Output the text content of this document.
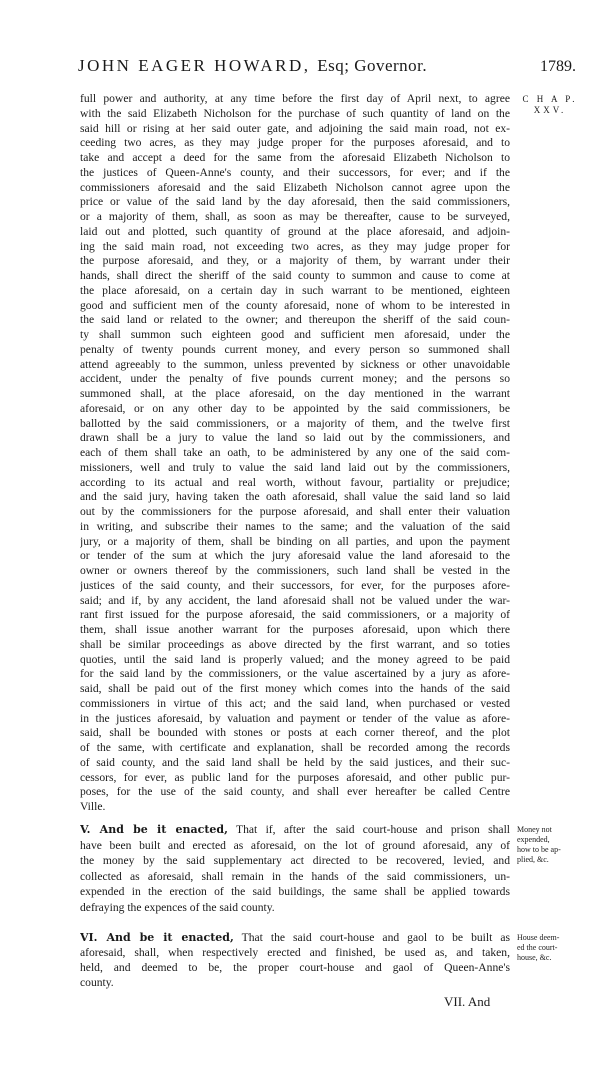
JOHN EAGER HOWARD, Esq; Governor.	1789.
C H A P.
XXV.
full power and authority, at any time before the first day of April next, to agree
with the said Elizabeth Nicholson for the purchase of such quantity of land on the
said hill or rising at her said outer gate, and adjoining the said main road, not ex-
ceeding two acres, as they may judge proper for the purposes aforesaid, and to
take and accept a deed for the same from the aforesaid Elizabeth Nicholson to
the justices of Queen-Anne's county, and their successors, for ever; and if the
commissioners aforesaid and the said Elizabeth Nicholson cannot agree upon the
price or value of the said land by the day aforesaid, then the said commissioners,
or a majority of them, shall, as soon as may be thereafter, cause to be surveyed,
laid out and plotted, such quantity of ground at the place aforesaid, and adjoin-
ing the said main road, not exceeding two acres, as they may judge proper for
the purpose aforesaid, and they, or a majority of them, by warrant under their
hands, shall direct the sheriff of the said county to summon and cause to come at
the place aforesaid, on a certain day in such warrant to be mentioned, eighteen
good and sufficient men of the county aforesaid, none of whom to be interested in
the said land or related to the owner; and thereupon the sheriff of the said coun-
ty shall summon such eighteen good and sufficient men aforesaid, under the
penalty of twenty pounds current money, and every person so summoned shall
attend agreeably to the summon, unless prevented by sickness or other unavoidable
accident, under the penalty of five pounds current money; and the persons so
summoned shall, at the place aforesaid, on the day mentioned in the warrant
aforesaid, or on any other day to be appointed by the said commissioners, be
ballotted by the said commissioners, or a majority of them, and the twelve first
drawn shall be a jury to value the land so laid out by the commissioners, and
each of them shall take an oath, to be administered by any one of the said com-
missioners, well and truly to value the said land laid out by the commissioners,
according to its actual and real worth, without favour, partiality or prejudice;
and the said jury, having taken the oath aforesaid, shall value the said land so laid
out by the commissioners for the purpose aforesaid, and shall enter their valuation
in writing, and subscribe their names to the same; and the valuation of the said
jury, or a majority of them, shall be binding on all parties, and upon the payment
or tender of the sum at which the jury aforesaid value the land aforesaid to the
owner or owners thereof by the commissioners, such land shall be vested in the
justices of the said county, and their successors, for ever, for the purposes afore-
said; and if, by any accident, the land aforesaid shall not be valued under the war-
rant first issued for the purpose aforesaid, the said commissioners, or a majority of
them, shall issue another warrant for the purposes aforesaid, upon which there
shall be similar proceedings as above directed by the first warrant, and so toties
quoties, until the said land is properly valued; and the money agreed to be paid
for the said land by the commissioners, or the value ascertained by a jury as afore-
said, shall be paid out of the first money which comes into the hands of the said
commissioners in virtue of this act; and the said land, when purchased or vested
in the justices aforesaid, by valuation and payment or tender of the value as afore-
said, shall be bounded with stones or posts at each corner thereof, and the plot
of the same, with certificate and explanation, shall be recorded among the records
of said county, and the said land shall be held by the said justices, and their suc-
cessors, for ever, as public land for the purposes aforesaid, and other public pur-
poses, for the use of the said county, and shall ever hereafter be called Centre
Ville.
V. And be it enacted, That if, after the said court-house and prison shall
have been built and erected as aforesaid, on the lot of ground aforesaid, any of
the money by the said supplementary act directed to be recovered, levied, and
collected as aforesaid, shall remain in the hands of the said commissioners, un-
expended in the erection of the said buildings, the same shall be applied towards
defraying the expences of the said county.
Money not
expended,
how to be ap-
plied, &c.
VI. And be it enacted, That the said court-house and gaol to be built as
aforesaid, shall, when respectively erected and finished, be used as, and taken,
held, and deemed to be, the proper court-house and gaol of Queen-Anne's
county.
House deem-
ed the court-
house, &c.
VII. And
